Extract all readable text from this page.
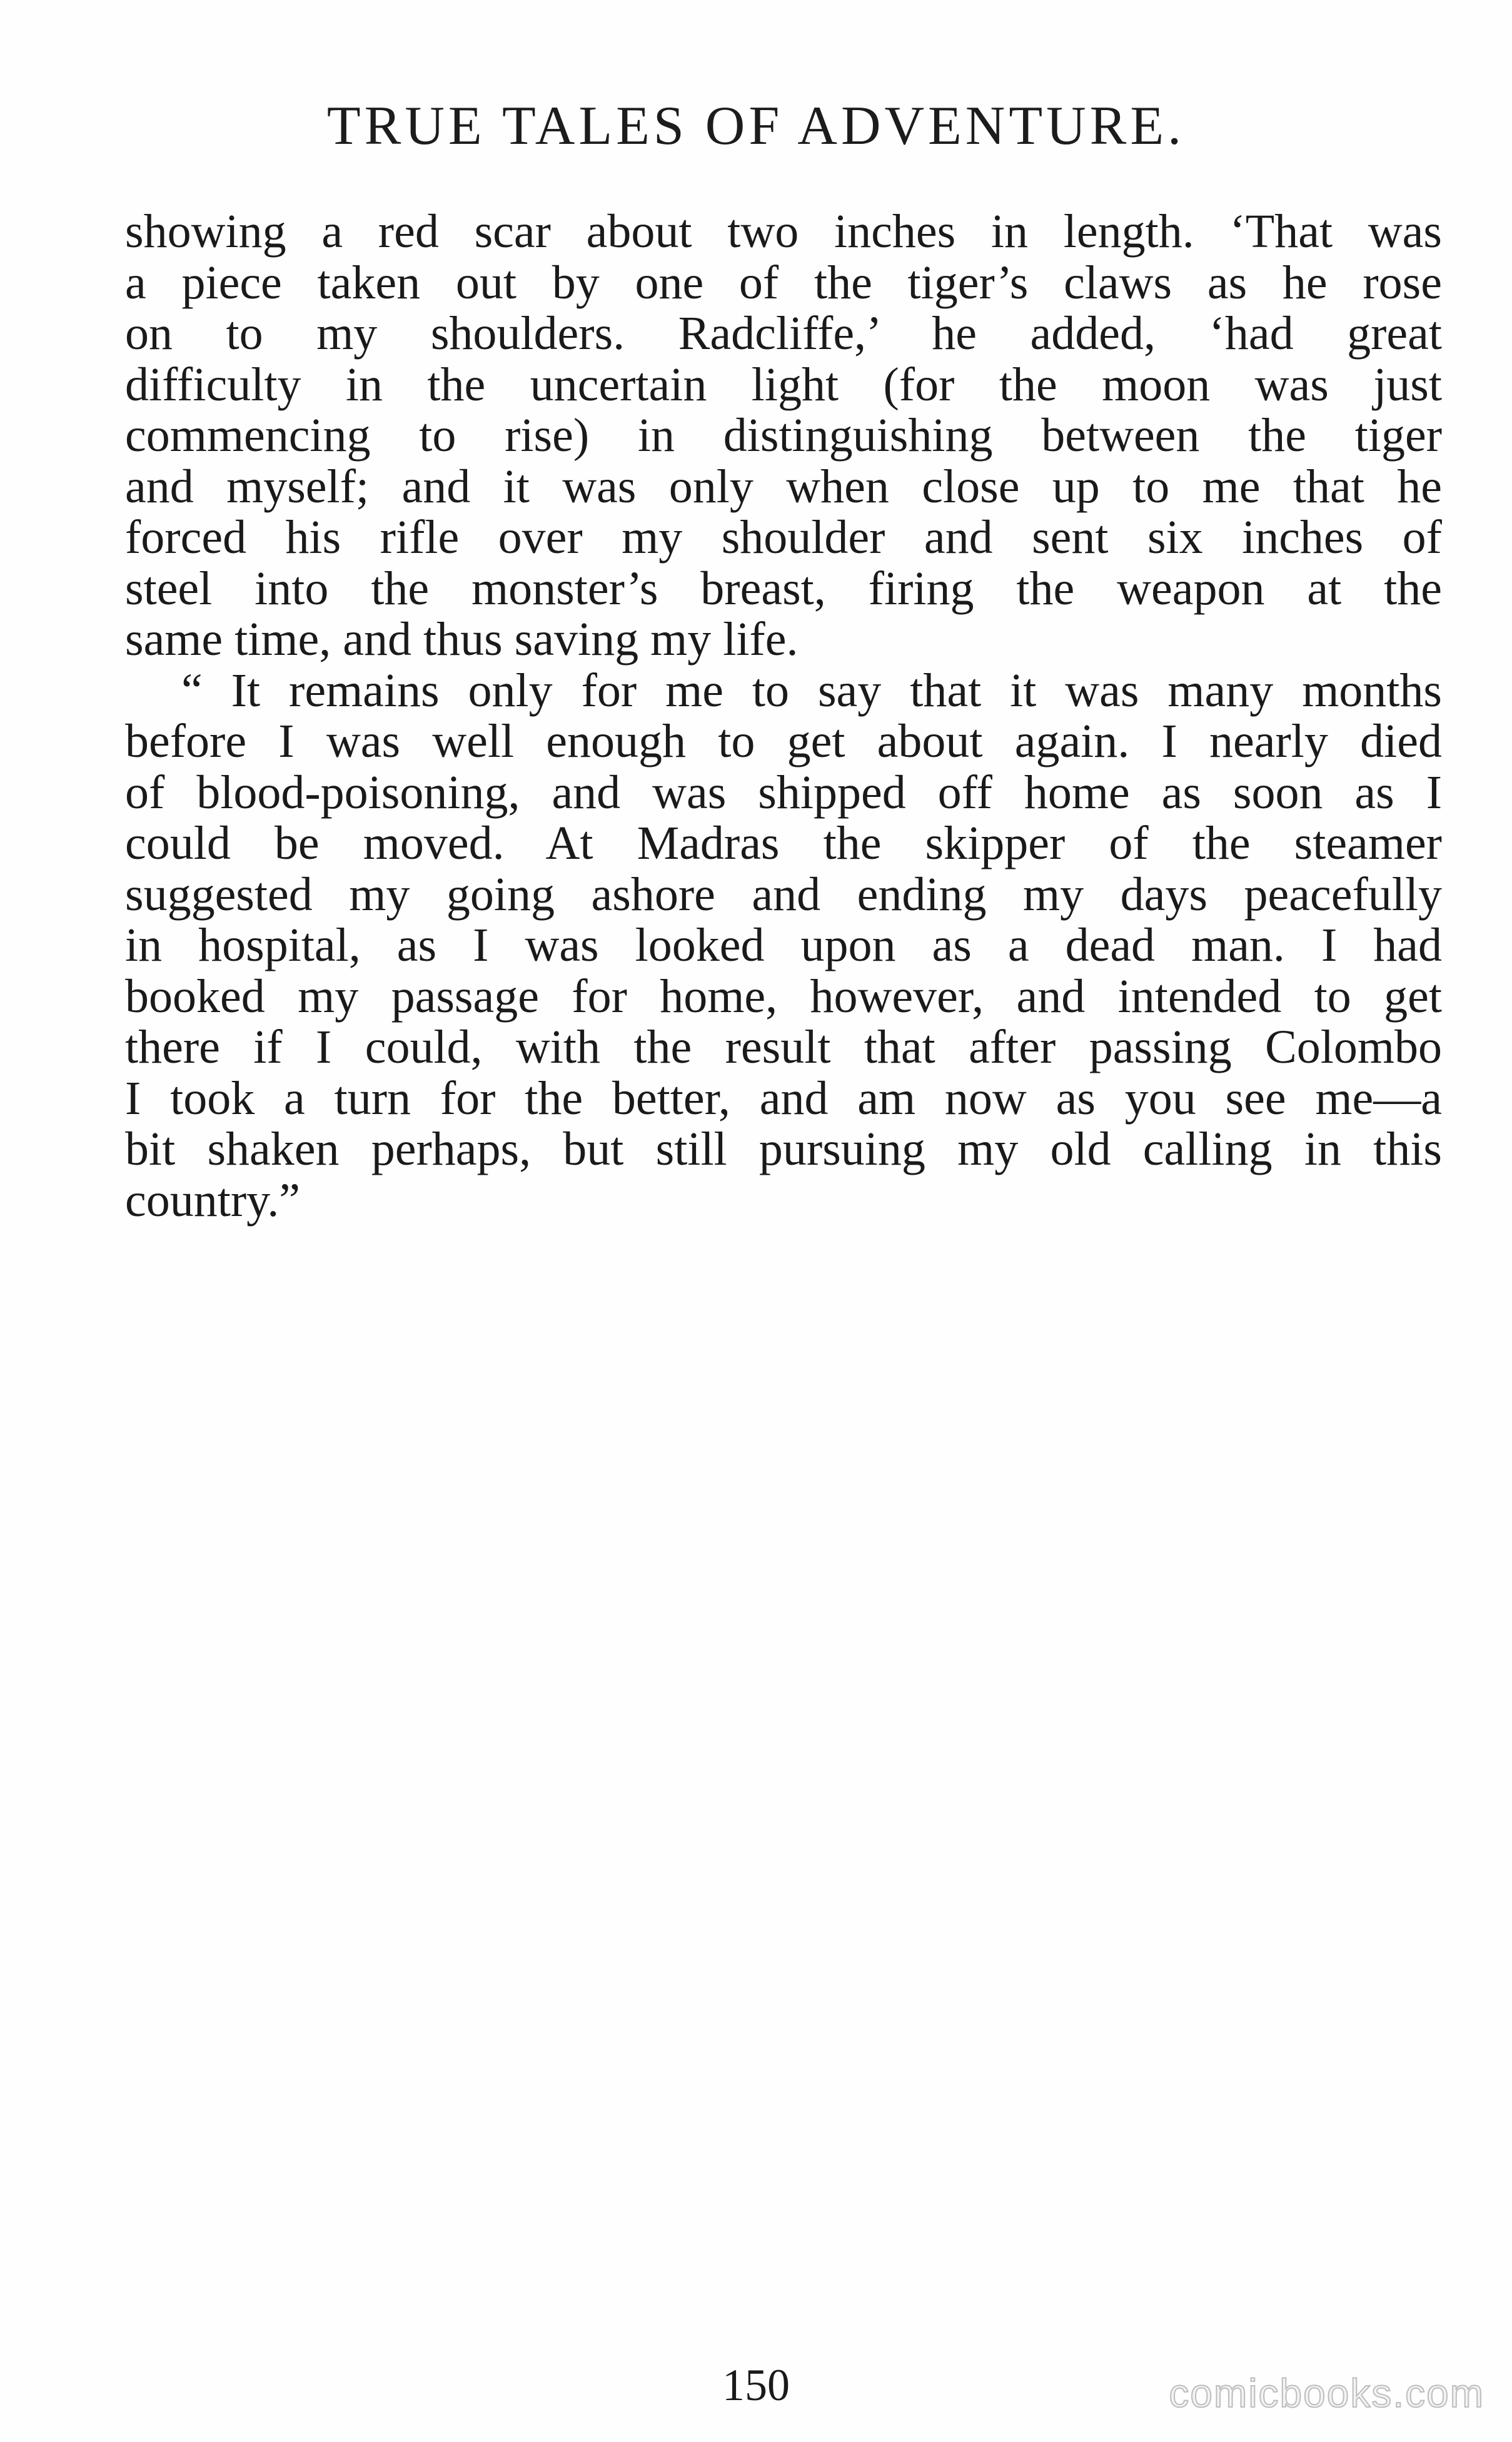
TRUE TALES OF ADVENTURE.
showing a red scar about two inches in length. ‘That was
a piece taken out by one of the tiger’s claws as he rose
on to my shoulders. Radcliffe,’ he added, ‘had great
difficulty in the uncertain light (for the moon was just
commencing to rise) in distinguishing between the tiger
and myself; and it was only when close up to me that he
forced his rifle over my shoulder and sent six inches of
steel into the monster’s breast, firing the weapon at the
same time, and thus saving my life.
“ It remains only for me to say that it was many months
before I was well enough to get about again. I nearly died
of blood-poisoning, and was shipped off home as soon as I
could be moved. At Madras the skipper of the steamer
suggested my going ashore and ending my days peacefully
in hospital, as I was looked upon as a dead man. I had
booked my passage for home, however, and intended to get
there if I could, with the result that after passing Colombo
I took a turn for the better, and am now as you see me—a
bit shaken perhaps, but still pursuing my old calling in this
country.”
150	comicbooks.com
